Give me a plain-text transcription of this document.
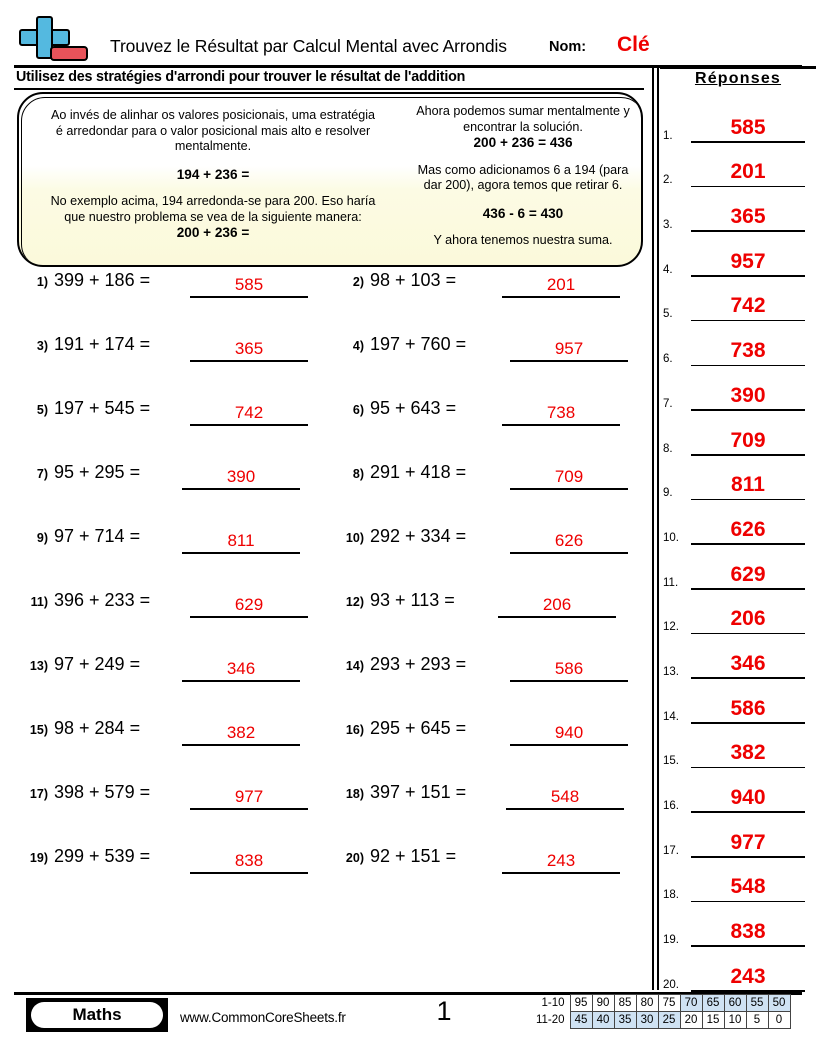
Trouvez le Résultat par Calcul Mental avec Arrondis	Nom: Clé
Utilisez des stratégies d'arrondi pour trouver le résultat de l'addition
Ao invés de alinhar os valores posicionais, uma estratégia
é arredondar para o valor posicional mais alto e resolver
mentalmente.
194 + 236 =
No exemplo acima, 194 arredonda-se para 200. Eso haría
que nuestro problema se vea de la siguiente manera:
200 + 236 =
Ahora podemos sumar mentalmente y
encontrar la solución.
200 + 236 = 436
Mas como adicionamos 6 a 194 (para
dar 200), agora temos que retirar 6.
436 - 6 = 430
Y ahora tenemos nuestra suma.
1) 399 + 186 =	585	2) 98 + 103 =	201
3) 191 + 174 =	365	4) 197 + 760 =	957
5) 197 + 545 =	742	6) 95 + 643 =	738
7) 95 + 295 =	390	8) 291 + 418 =	709
9) 97 + 714 =	811	10) 292 + 334 =	626
11) 396 + 233 =	629	12) 93 + 113 =	206
13) 97 + 249 =	346	14) 293 + 293 =	586
15) 98 + 284 =	382	16) 295 + 645 =	940
17) 398 + 579 =	977	18) 397 + 151 =	548
19) 299 + 539 =	838	20) 92 + 151 =	243
Réponses
1.	585
2.	201
3.	365
4.	957
5.	742
6.	738
7.	390
8.	709
9.	811
10.	626
11.	629
12.	206
13.	346
14.	586
15.	382
16.	940
17.	977
18.	548
19.	838
20.	243
Maths	www.CommonCoreSheets.fr	1	1-10	95	90	85	80	75	70	65	60	55	50
11-20	45	40	35	30	25	20	15	10	5	0
